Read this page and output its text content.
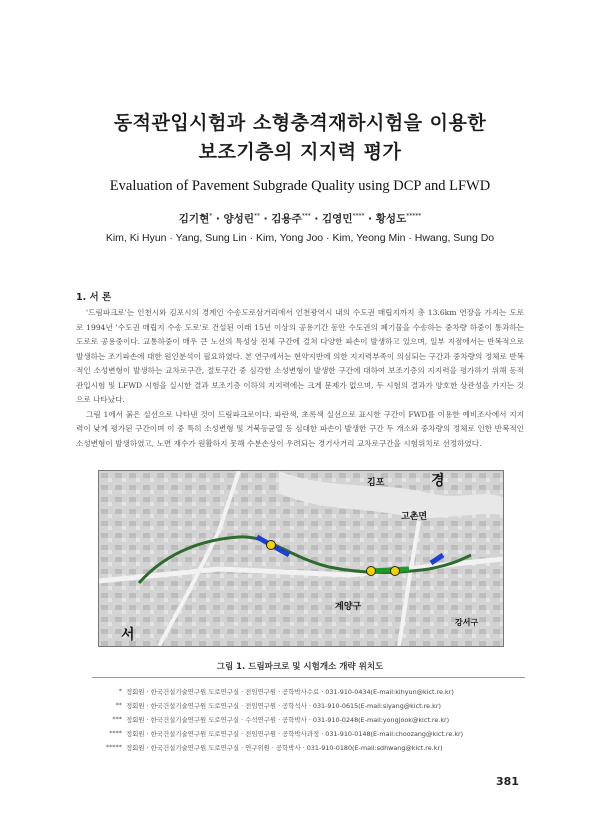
동적관입시험과 소형충격재하시험을 이용한
보조기층의 지지력 평가
Evaluation of Pavement Subgrade Quality using DCP and LFWD
김기현* · 양성린** · 김용주*** · 김영민**** · 황성도*****
Kim, Ki Hyun · Yang, Sung Lin · Kim, Yong Joo · Kim, Yeong Min · Hwang, Sung Do
1. 서 론

'드림파크로'는 인천시와 김포시의 경계인 수송도로삼거리에서 인천광역시 내의 수도권 매립지까지 총 13.6km 연장을 가지는 도로로 1994년 '수도권 매립지 수송 도로'로 건설된 이래 15년 이상의 공용기간 동안 수도권의 폐기물을 수송하는 중차량 하중이 통과하는 도로로 공용중이다. 교통하중이 매우 큰 노선의 특성상 전체 구간에 걸쳐 다양한 파손이 발생하고 있으며, 일부 지점에서는 반복적으로 발생하는 조기파손에 대한 원인분석이 필요하였다. 본 연구에서는 현약지반에 의한 지지력부족이 의심되는 구간과 중차량의 정체로 반복적인 소성변형이 발생하는 교차로구간, 절토구간 중 심각한 소성변형이 발생한 구간에 대하여 보조기층의 지지력을 평가하기 위해 동적관입시험 및 LFWD 시험을 실시한 결과 보조기층 이하의 지지력에는 크게 문제가 없으며, 두 시험의 결과가 양호한 상관성을 가지는 것으로 나타났다.

그림 1에서 붉은 실선으로 나타낸 것이 드림파크로이다. 파란색, 초록색 실선으로 표시한 구간이 FWD를 이용한 예비조사에서 지지력이 낮게 평가된 구간이며 이 중 특히 소성변형 및 거북등균열 등 심대한 파손이 발생한 구간 두 개소와 중차량의 정체로 인한 반복적인 소성변형이 발생하였고, 노면 재수가 원활하지 못해 수분손상이 우려되는 경기사거리 교차로구간을 시험위치로 선정하였다.

김포
고촌면
경
계양구
강서구
서
그림 1. 드림파크로 및 시험개소 개략 위치도
* 정회원 · 한국건설기술연구원 도로연구실 · 전임연구원 · 공학박사수료 · 031-910-0434(E-mail:kihyun@kict.re.kr)
** 정회원 · 한국건설기술연구원 도로연구실 · 전임연구원 · 공학석사 · 031-910-0615(E-mail:siyang@kict.re.kr)
*** 정회원 · 한국건설기술연구원 도로연구실 · 수석연구원 · 공학박사 · 031-910-0248(E-mail:yongjook@kict.re.kr)
**** 정회원 · 한국건설기술연구원 도로연구실 · 전임연구원 · 공학박사과정 · 031-910-0148(E-mail:choozang@kict.re.kr)
***** 정회원 · 한국건설기술연구원 도로연구실 · 연구위원 · 공학박사 · 031-910-0180(E-mail:sdhwang@kict.re.kr)
381
